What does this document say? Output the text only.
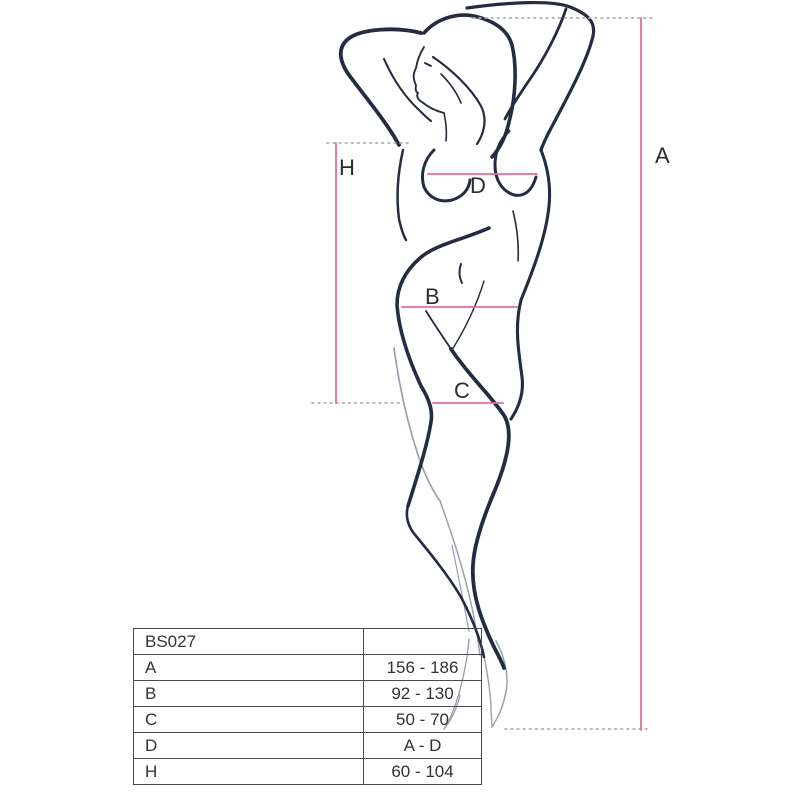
A
B
C
D
H
BS027	
A	156 - 186
B	92 - 130
C	50 - 70
D	A - D
H	60 - 104
